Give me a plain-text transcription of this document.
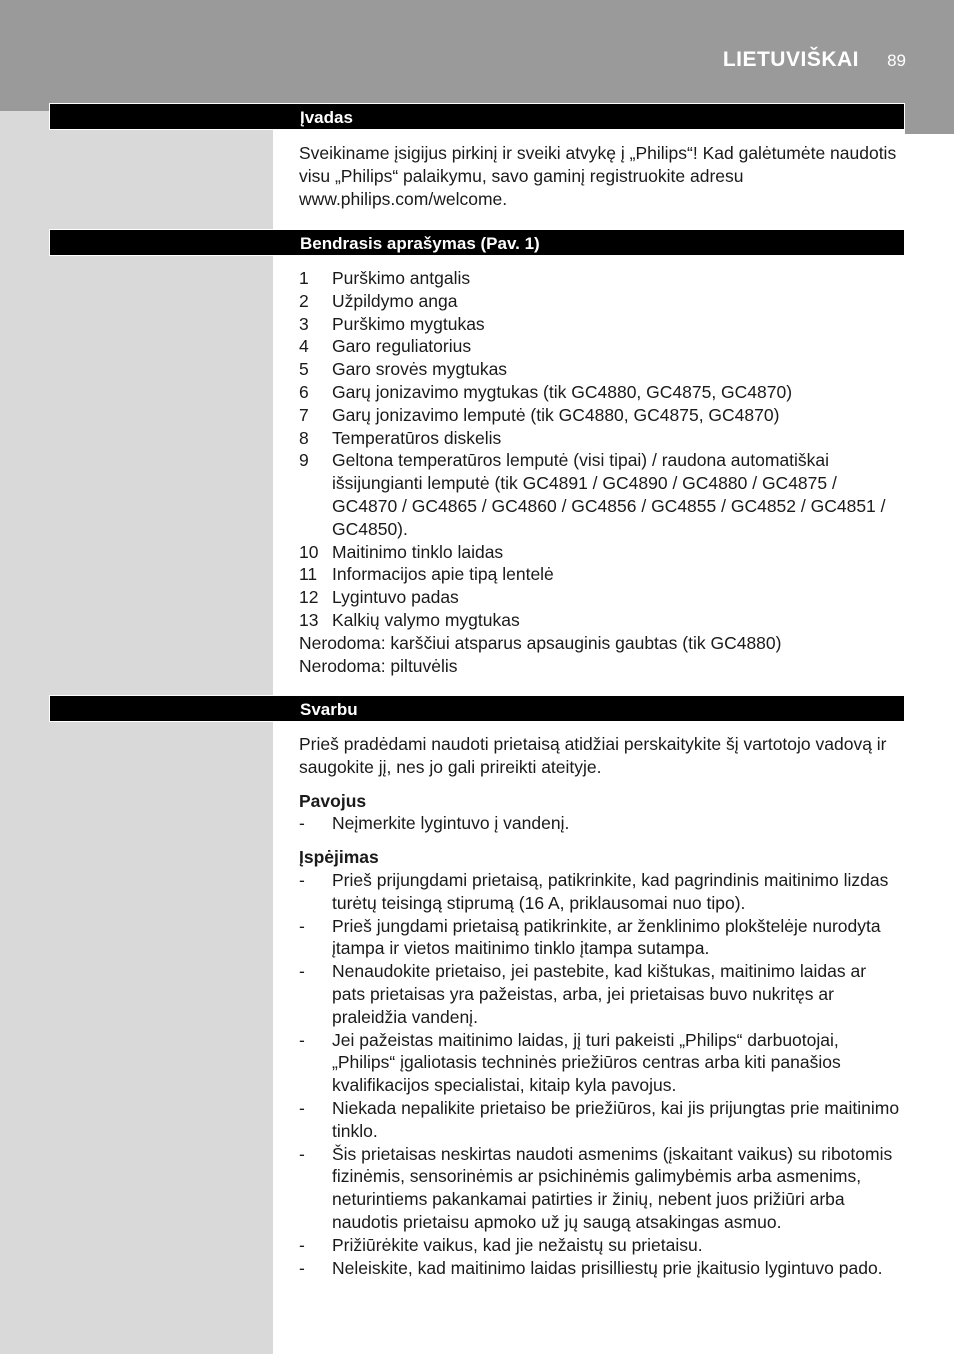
LIETUVIŠKAI 89
Įvadas

Sveikiname įsigijus pirkinį ir sveiki atvykę į „Philips“! Kad galėtumėte naudotis visu „Philips“ palaikymu, savo gaminį registruokite adresu www.philips.com/welcome.

Bendrasis aprašymas (Pav. 1)
1 Purškimo antgalis
2 Užpildymo anga
3 Purškimo mygtukas
4 Garo reguliatorius
5 Garo srovės mygtukas
6 Garų jonizavimo mygtukas (tik GC4880, GC4875, GC4870)
7 Garų jonizavimo lemputė (tik GC4880, GC4875, GC4870)
8 Temperatūros diskelis
9 Geltona temperatūros lemputė (visi tipai) / raudona automatiškai išsijungianti lemputė (tik GC4891 / GC4890 / GC4880 / GC4875 / GC4870 / GC4865 / GC4860 / GC4856 / GC4855 / GC4852 / GC4851 / GC4850).
10 Maitinimo tinklo laidas
11 Informacijos apie tipą lentelė
12 Lygintuvo padas
13 Kalkių valymo mygtukas

Nerodoma: karščiui atsparus apsauginis gaubtas (tik GC4880)

Nerodoma: piltuvėlis

Svarbu

Prieš pradėdami naudoti prietaisą atidžiai perskaitykite šį vartotojo vadovą ir saugokite jį, nes jo gali prireikti ateityje.

Pavojus

- Neįmerkite lygintuvo į vandenį.

Įspėjimas

- Prieš prijungdami prietaisą, patikrinkite, kad pagrindinis maitinimo lizdas turėtų teisingą stiprumą (16 A, priklausomai nuo tipo).
- Prieš jungdami prietaisą patikrinkite, ar ženklinimo plokštelėje nurodyta įtampa ir vietos maitinimo tinklo įtampa sutampa.
- Nenaudokite prietaiso, jei pastebite, kad kištukas, maitinimo laidas ar pats prietaisas yra pažeistas, arba, jei prietaisas buvo nukritęs ar praleidžia vandenį.
- Jei pažeistas maitinimo laidas, jį turi pakeisti „Philips“ darbuotojai, „Philips“ įgaliotasis techninės priežiūros centras arba kiti panašios kvalifikacijos specialistai, kitaip kyla pavojus.
- Niekada nepalikite prietaiso be priežiūros, kai jis prijungtas prie maitinimo tinklo.
- Šis prietaisas neskirtas naudoti asmenims (įskaitant vaikus) su ribotomis fizinėmis, sensorinėmis ar psichinėmis galimybėmis arba asmenims, neturintiems pakankamai patirties ir žinių, nebent juos prižiūri arba naudotis prietaisu apmoko už jų saugą atsakingas asmuo.
- Prižiūrėkite vaikus, kad jie nežaistų su prietaisu.
- Neleiskite, kad maitinimo laidas prisilliestų prie įkaitusio lygintuvo pado.
